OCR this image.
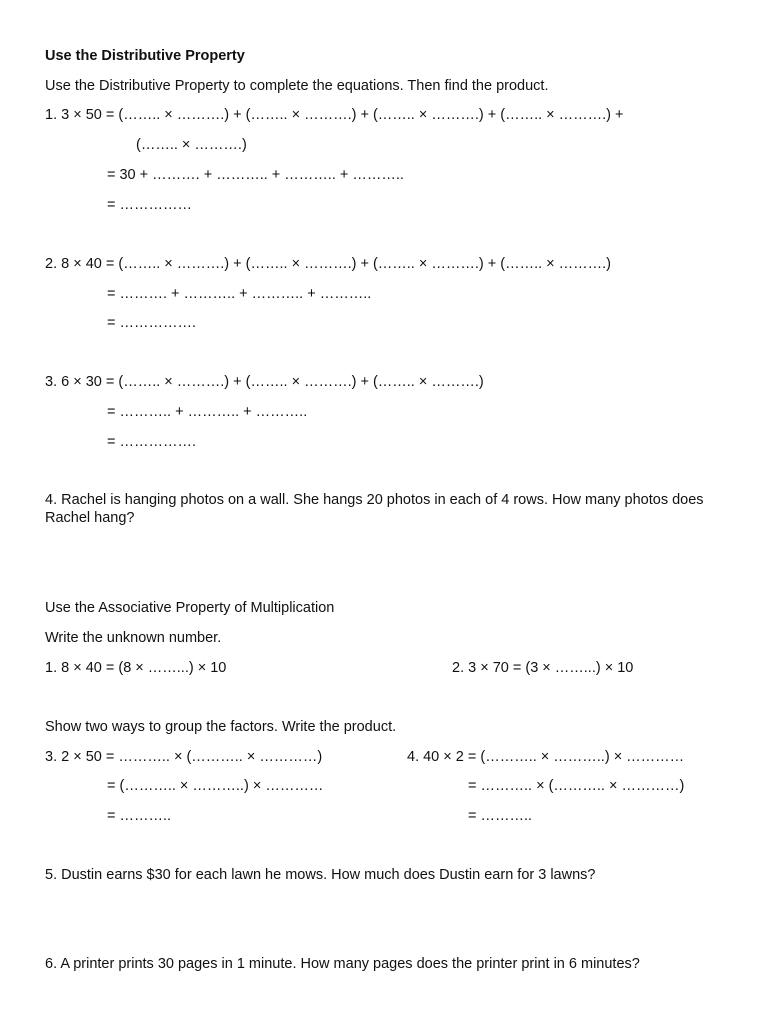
Use the Distributive Property
Use the Distributive Property to complete the equations. Then find the product.
1. 3 × 50 = (…….. × ……….) + (…….. × ……….) + (…….. × ……….) + (…….. × ……….) +
(…….. × ……….)
= 30 + ………. + ……….. + ……….. + ………..
= ……………
2. 8 × 40 = (…….. × ……….) + (…….. × ……….) + (…….. × ……….) + (…….. × ……….)
= ………. + ……….. + ……….. + ………..
= …………….
3. 6 × 30 = (…….. × ……….) + (…….. × ……….) + (…….. × ……….)
= ……….. + ……….. + ………..
= …………….
4. Rachel is hanging photos on a wall. She hangs 20 photos in each of 4 rows. How many photos does Rachel hang?
Use the Associative Property of Multiplication
Write the unknown number.
1. 8 × 40 = (8 × ……...) × 10	2. 3 × 70 = (3 × ……...) × 10
Show two ways to group the factors. Write the product.
3. 2 × 50 = ……….. × (……….. × …………)
= (……….. × ………..) × …………
= ………..
4. 40 × 2 = (……….. × ………..) × …………
= ……….. × (……….. × …………)
= ………..
5. Dustin earns $30 for each lawn he mows. How much does Dustin earn for 3 lawns?
6. A printer prints 30 pages in 1 minute. How many pages does the printer print in 6 minutes?
